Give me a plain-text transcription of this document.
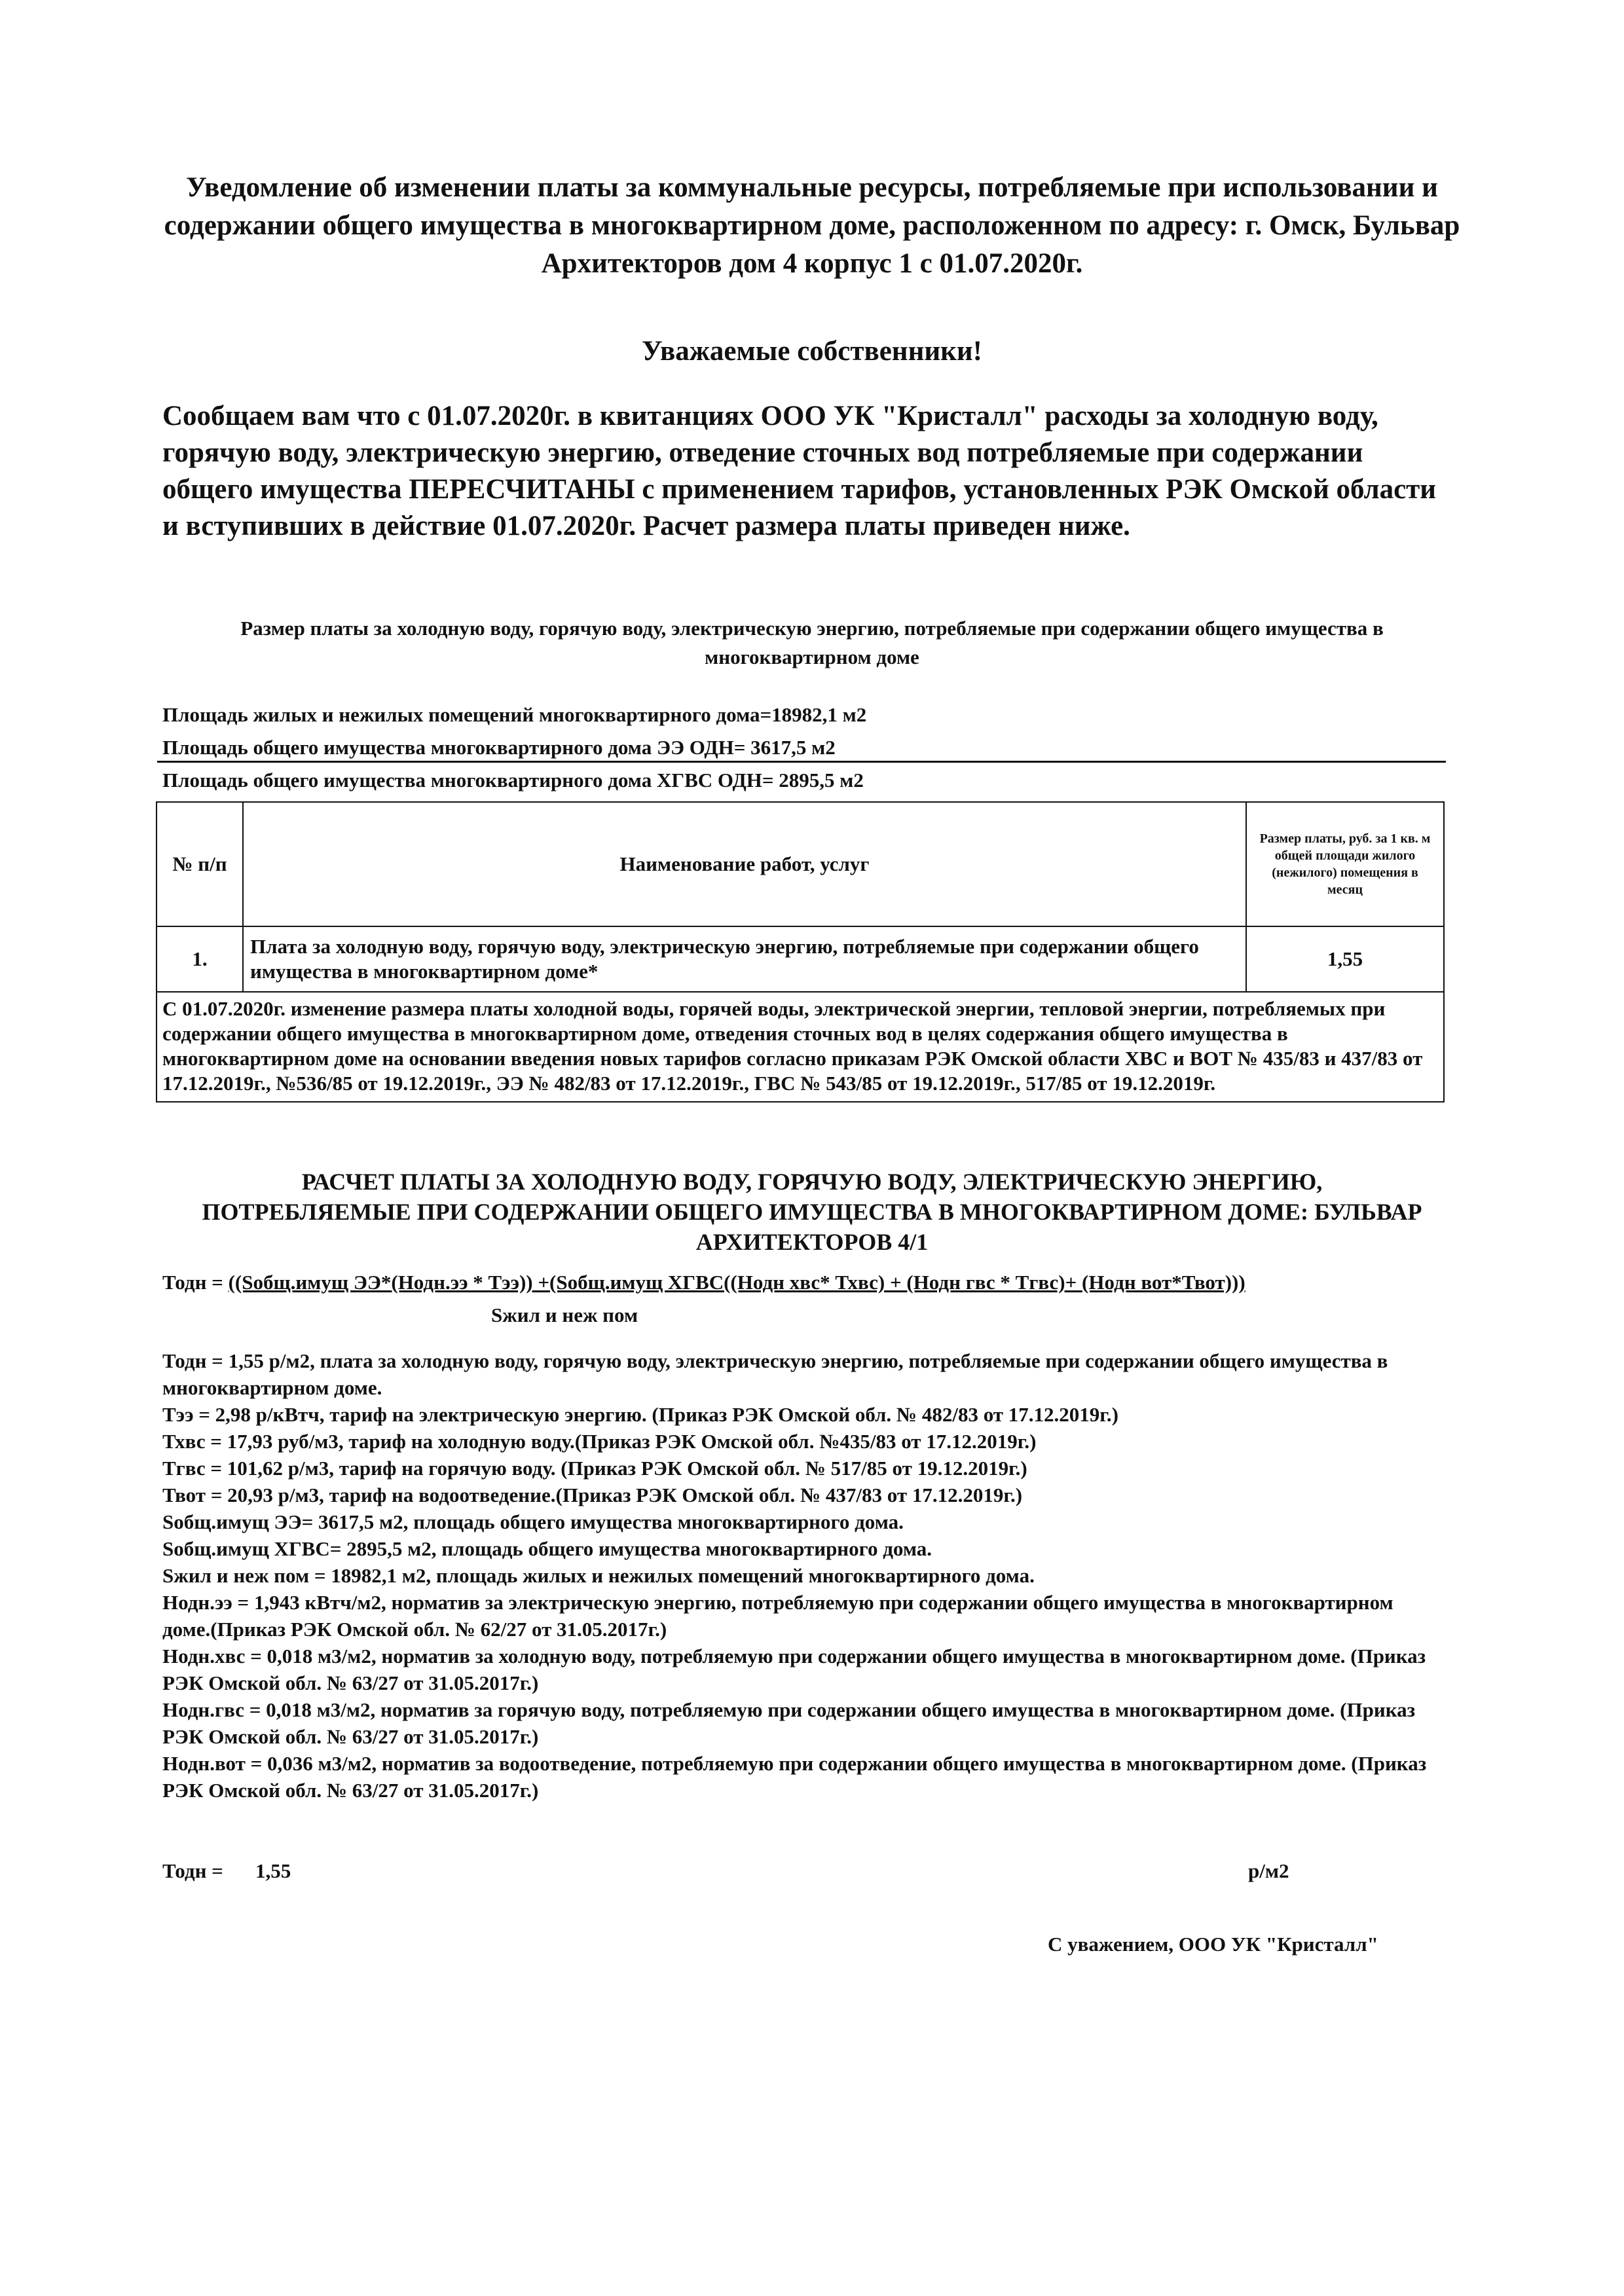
Уведомление об изменении платы за коммунальные ресурсы, потребляемые при использовании и содержании общего имущества в многоквартирном доме, расположенном по адресу: г. Омск, Бульвар Архитекторов дом 4 корпус 1 с 01.07.2020г.
Уважаемые собственники!
Сообщаем вам что с 01.07.2020г. в квитанциях ООО УК "Кристалл" расходы за холодную воду, горячую воду, электрическую энергию, отведение сточных вод потребляемые при содержании общего имущества ПЕРЕСЧИТАНЫ с применением тарифов, установленных РЭК Омской области и вступивших в действие 01.07.2020г. Расчет размера платы приведен ниже.
Размер платы за холодную воду, горячую воду, электрическую энергию, потребляемые при содержании общего имущества в многоквартирном доме
Площадь жилых и нежилых помещений многоквартирного дома=18982,1 м2
Площадь общего имущества многоквартирного дома ЭЭ ОДН= 3617,5 м2
Площадь общего имущества многоквартирного дома ХГВС ОДН= 2895,5 м2
№ п/п	Наименование работ, услуг	Размер платы, руб. за 1 кв. м общей площади жилого (нежилого) помещения в месяц
1.	Плата за холодную воду, горячую воду, электрическую энергию, потребляемые при содержании общего имущества в многоквартирном доме*	1,55
С 01.07.2020г. изменение размера платы холодной воды, горячей воды, электрической энергии, тепловой энергии, потребляемых при содержании общего имущества в многоквартирном доме, отведения сточных вод в целях содержания общего имущества в многоквартирном доме на основании введения новых тарифов согласно приказам РЭК Омской области ХВС и ВОТ № 435/83 и 437/83 от 17.12.2019г., №536/85 от 19.12.2019г., ЭЭ № 482/83 от 17.12.2019г., ГВС № 543/85 от 19.12.2019г., 517/85 от 19.12.2019г.		
РАСЧЕТ ПЛАТЫ ЗА ХОЛОДНУЮ ВОДУ, ГОРЯЧУЮ ВОДУ, ЭЛЕКТРИЧЕСКУЮ ЭНЕРГИЮ, ПОТРЕБЛЯЕМЫЕ ПРИ СОДЕРЖАНИИ ОБЩЕГО ИМУЩЕСТВА В МНОГОКВАРТИРНОМ ДОМЕ: БУЛЬВАР АРХИТЕКТОРОВ 4/1
Тодн = ((Sобщ.имущ ЭЭ*(Нодн.ээ * Тээ)) +(Sобщ.имущ ХГВС((Нодн хвс* Тхвс) + (Нодн гвс * Тгвс)+ (Нодн вот*Твот)))
Sжил и неж пом

Тодн = 1,55 р/м2, плата за холодную воду, горячую воду, электрическую энергию, потребляемые при содержании общего имущества в многоквартирном доме.

Тээ = 2,98 р/кВтч, тариф на электрическую энергию. (Приказ РЭК Омской обл. № 482/83 от 17.12.2019г.)

Тхвс = 17,93 руб/м3, тариф на холодную воду.(Приказ РЭК Омской обл. №435/83 от 17.12.2019г.)

Тгвс = 101,62 р/м3, тариф на горячую воду. (Приказ РЭК Омской обл. № 517/85 от 19.12.2019г.)

Твот = 20,93 р/м3, тариф на водоотведение.(Приказ РЭК Омской обл. № 437/83 от 17.12.2019г.)

Sобщ.имущ ЭЭ= 3617,5 м2, площадь общего имущества многоквартирного дома.

Sобщ.имущ ХГВС= 2895,5 м2, площадь общего имущества многоквартирного дома.

Sжил и неж пом = 18982,1 м2, площадь жилых и нежилых помещений многоквартирного дома.

Нодн.ээ = 1,943 кВтч/м2, норматив за электрическую энергию, потребляемую при содержании общего имущества в многоквартирном доме.(Приказ РЭК Омской обл. № 62/27 от 31.05.2017г.)

Нодн.хвс = 0,018 м3/м2, норматив за холодную воду, потребляемую при содержании общего имущества в многоквартирном доме. (Приказ РЭК Омской обл. № 63/27 от 31.05.2017г.)

Нодн.гвс = 0,018 м3/м2, норматив за горячую воду, потребляемую при содержании общего имущества в многоквартирном доме. (Приказ РЭК Омской обл. № 63/27 от 31.05.2017г.)

Нодн.вот = 0,036 м3/м2, норматив за водоотведение, потребляемую при содержании общего имущества в многоквартирном доме. (Приказ РЭК Омской обл. № 63/27 от 31.05.2017г.)

Тодн = 1,55	р/м2
С уважением, ООО УК "Кристалл"
